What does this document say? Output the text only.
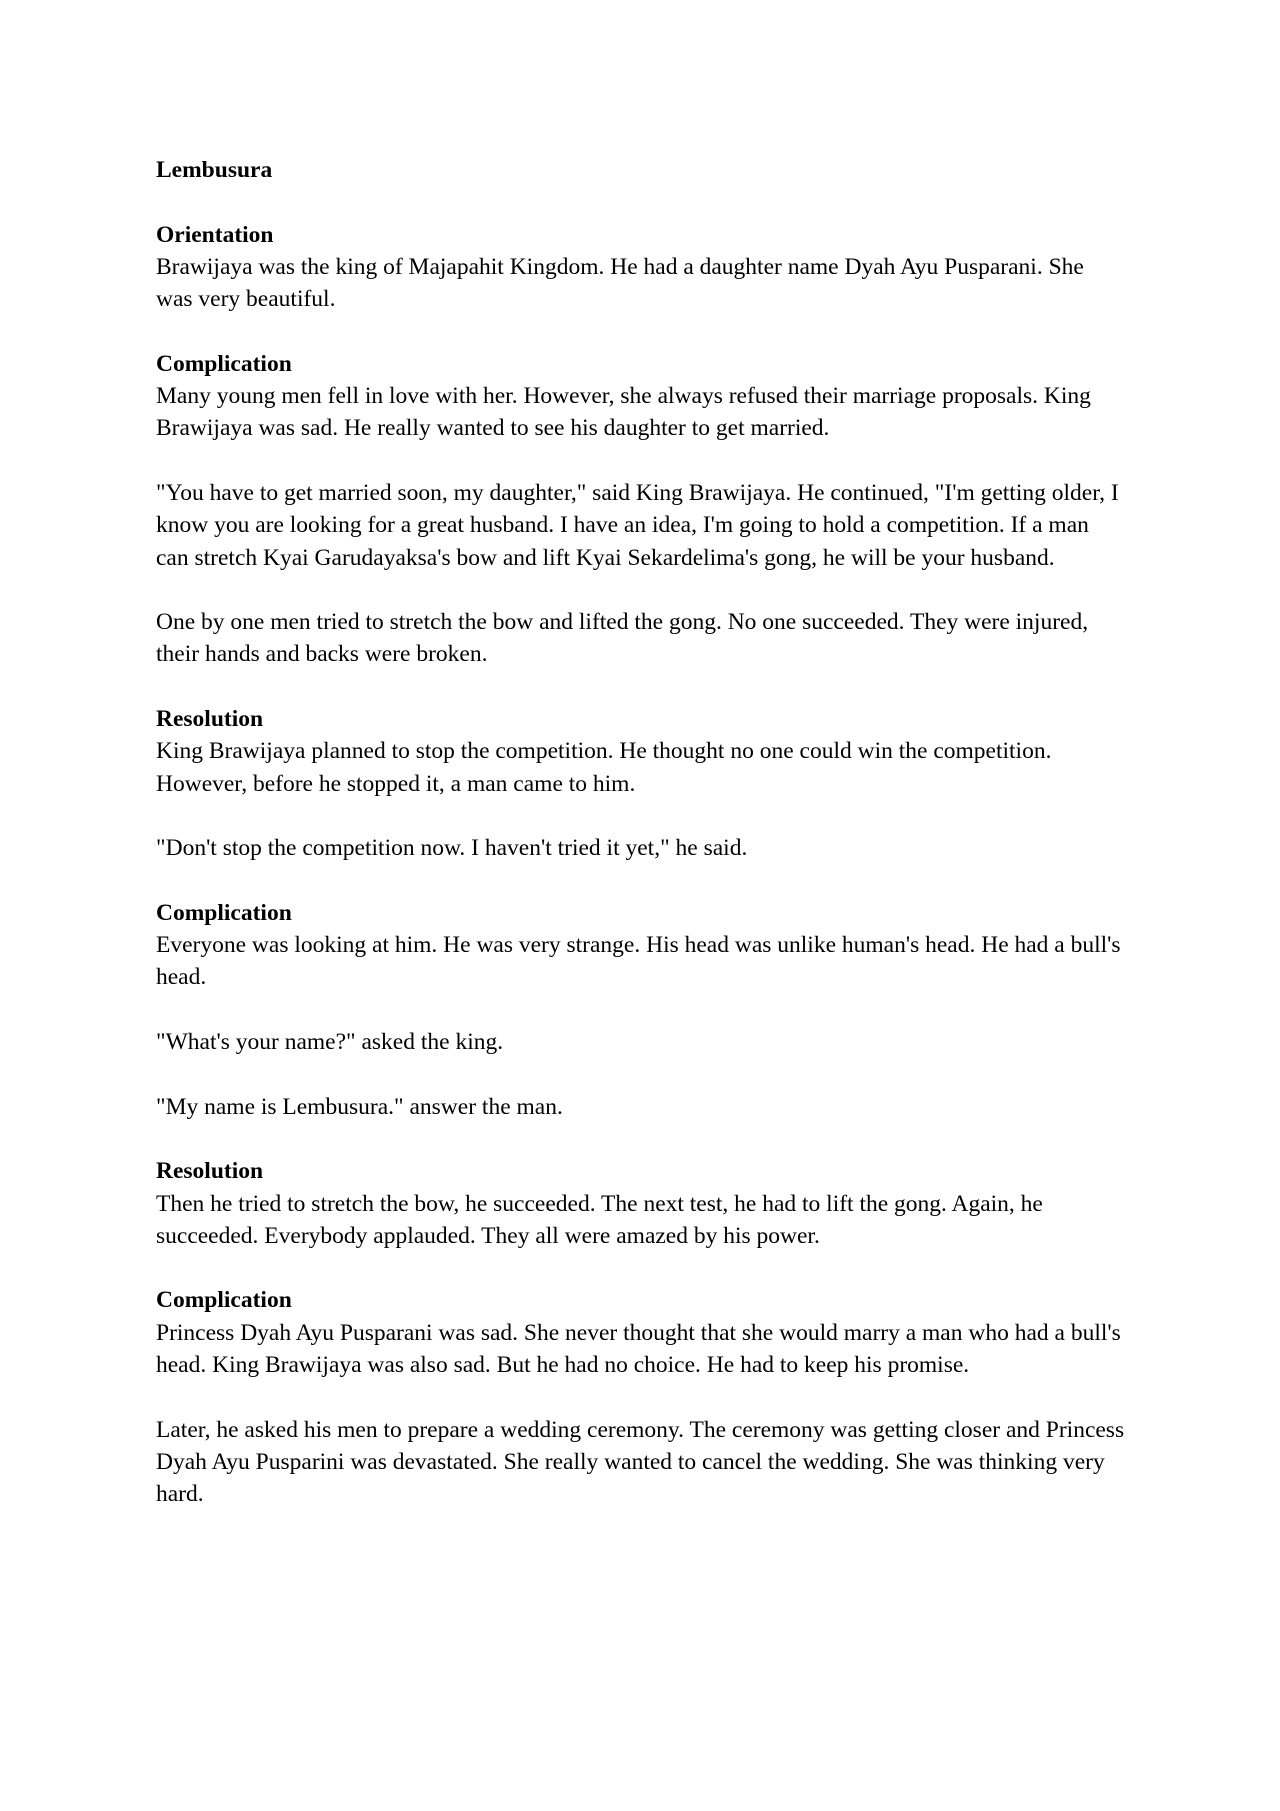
Lembusura

Orientation

Brawijaya was the king of Majapahit Kingdom. He had a daughter name Dyah Ayu Pusparani. She was very beautiful.

Complication

Many young men fell in love with her. However, she always refused their marriage proposals. King Brawijaya was sad. He really wanted to see his daughter to get married.

"You have to get married soon, my daughter," said King Brawijaya. He continued, "I'm getting older, I know you are looking for a great husband. I have an idea, I'm going to hold a competition. If a man can stretch Kyai Garudayaksa's bow and lift Kyai Sekardelima's gong, he will be your husband.

One by one men tried to stretch the bow and lifted the gong. No one succeeded. They were injured, their hands and backs were broken.

Resolution

King Brawijaya planned to stop the competition. He thought no one could win the competition. However, before he stopped it, a man came to him.

"Don't stop the competition now. I haven't tried it yet," he said.

Complication

Everyone was looking at him. He was very strange. His head was unlike human's head. He had a bull's head.

"What's your name?" asked the king.

"My name is Lembusura." answer the man.

Resolution

Then he tried to stretch the bow, he succeeded. The next test, he had to lift the gong. Again, he succeeded. Everybody applauded. They all were amazed by his power.

Complication

Princess Dyah Ayu Pusparani was sad. She never thought that she would marry a man who had a bull's head. King Brawijaya was also sad. But he had no choice. He had to keep his promise.

Later, he asked his men to prepare a wedding ceremony. The ceremony was getting closer and Princess Dyah Ayu Pusparini was devastated. She really wanted to cancel the wedding. She was thinking very hard.
